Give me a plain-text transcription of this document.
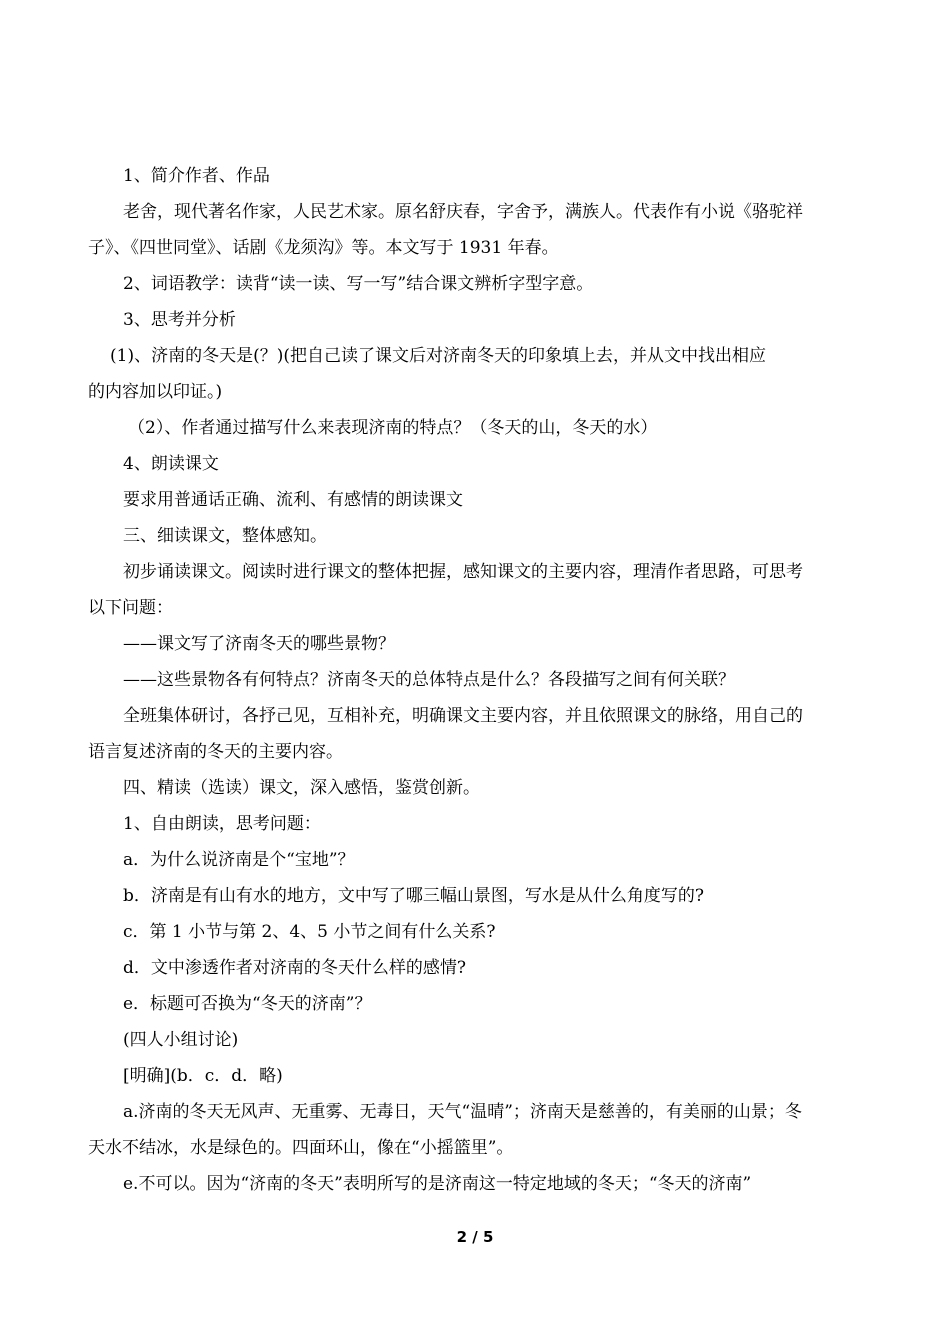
1、简介作者、作品
老舍，现代著名作家，人民艺术家。原名舒庆春，字舍予，满族人。代表作有小说《骆驼祥
子》、《四世同堂》、话剧《龙须沟》等。本文写于 1931 年春。
2、词语教学：读背“读一读、写一写”结合课文辨析字型字意。
3、思考并分析
(1)、济南的冬天是(？)(把自己读了课文后对济南冬天的印象填上去，并从文中找出相应
的内容加以印证。)
（2）、作者通过描写什么来表现济南的特点？（冬天的山，冬天的水）
4、朗读课文
要求用普通话正确、流利、有感情的朗读课文
三、细读课文，整体感知。
初步诵读课文。阅读时进行课文的整体把握，感知课文的主要内容，理清作者思路，可思考
以下问题：
——课文写了济南冬天的哪些景物？
——这些景物各有何特点？济南冬天的总体特点是什么？各段描写之间有何关联？
全班集体研讨，各抒己见，互相补充，明确课文主要内容，并且依照课文的脉络，用自己的
语言复述济南的冬天的主要内容。
四、精读（选读）课文，深入感悟，鉴赏创新。
1、自由朗读，思考问题：
a．为什么说济南是个“宝地”？
b．济南是有山有水的地方，文中写了哪三幅山景图，写水是从什么角度写的?
c．第 1 小节与第 2、4、5 小节之间有什么关系?
d．文中渗透作者对济南的冬天什么样的感情?
e．标题可否换为“冬天的济南”？
(四人小组讨论)
[明确](b．c．d．略)
a.济南的冬天无风声、无重雾、无毒日，天气“温晴”；济南天是慈善的，有美丽的山景；冬
天水不结冰，水是绿色的。四面环山，像在“小摇篮里”。
e.不可以。因为“济南的冬天”表明所写的是济南这一特定地域的冬天；“冬天的济南”
2 / 5
